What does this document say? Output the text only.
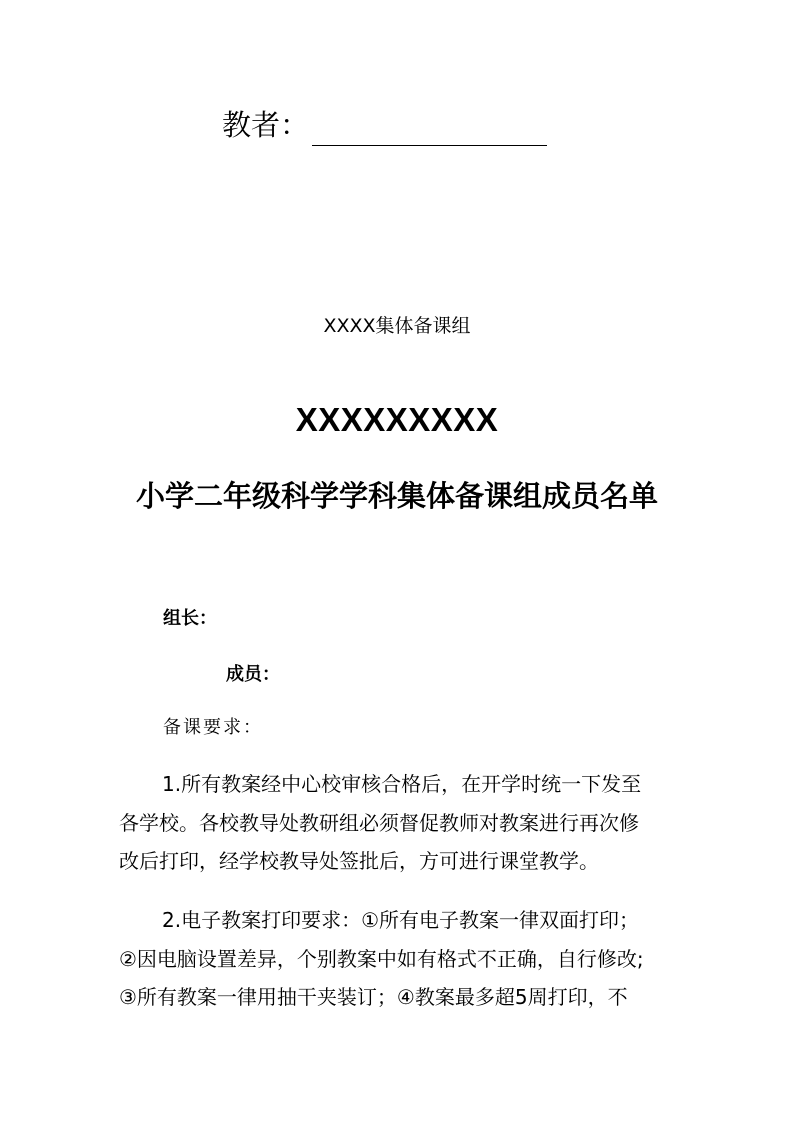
教者：
XXXX集体备课组
XXXXXXXXX
小学二年级科学学科集体备课组成员名单
组长：
成员：
备课要求：
1.所有教案经中心校审核合格后，在开学时统一下发至
各学校。各校教导处教研组必须督促教师对教案进行再次修
改后打印，经学校教导处签批后，方可进行课堂教学。
2.电子教案打印要求：①所有电子教案一律双面打印；
②因电脑设置差异，个别教案中如有格式不正确，自行修改;
③所有教案一律用抽干夹装订；④教案最多超5周打印，不
